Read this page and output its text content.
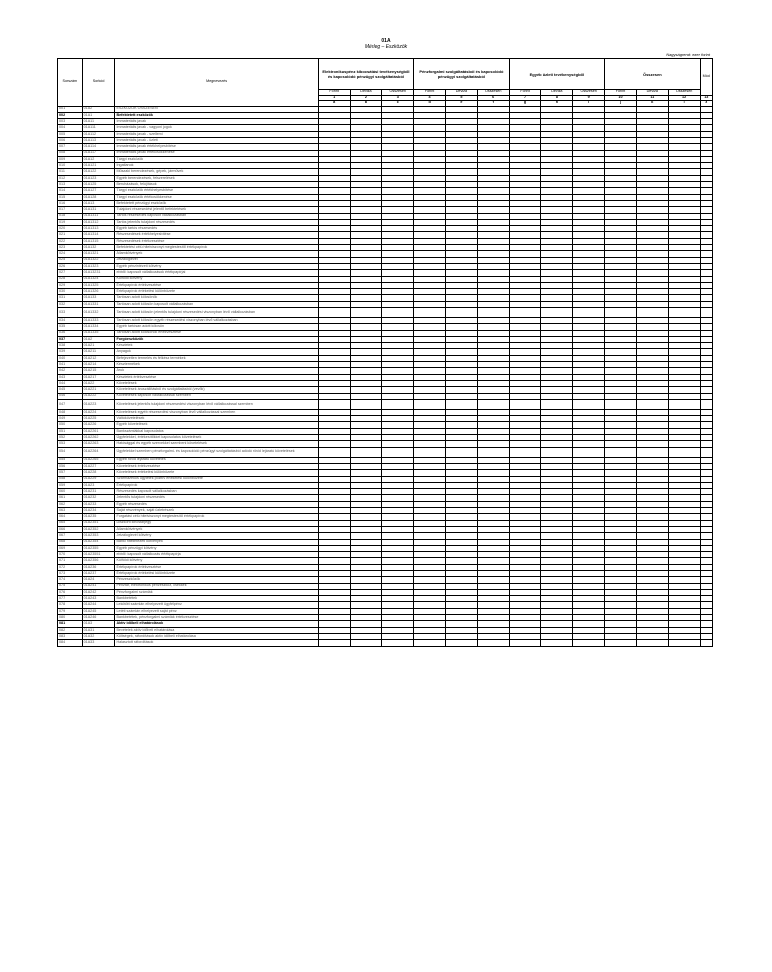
01A
Mérleg – Eszközök
Nagyságrend: ezer forint
Sorszám	Sorkód	Megnevezés	Elektronikuspénz kibocsátási tevékenységből és kapcsolódó pénzügyi szolgáltatásból			Pénzforgalmi szolgáltatásból és kapcsolódó pénzügyi szolgáltatásból			Egyéb üzleti tevékenységből			Összesen			Mód
			Forint	Deviza	Összesen	Forint	Deviza	Összesen	Forint	Deviza	Összesen	Forint	Deviza	Összesen	
			1	2	3	4	5	6	7	8	9	10	11	12	13
			a	b	c	d	e	f	g	h	i	j	k	l	z
001	01A2	ESZKÖZÖK ÖSSZESEN													
002	01A1	Befektetett eszközök													
003	01A11	Immateriális javak													
004	01A111	Immateriális javak - vagyoni jogok													
005	01A112	Immateriális javak - szellemi													
006	01A113	Immateriális javak - üzleti													
007	01A114	Immateriális javak értékhelyesbítése													
008	01A117	Immateriális javak értékcsökkenése													
009	01A12	Tárgyi eszközök													
010	01A121	Ingatlanok													
011	01A122	Műszaki berendezések, gépek, járművek													
012	01A123	Egyéb berendezések, felszerelések													
013	01A125	Beruházások, felújítások													
014	01A127	Tárgyi eszközök értékhelyesbítése													
015	01A128	Tárgyi eszközök értékcsökkenése													
016	01A13	Befektetett pénzügyi eszközök													
017	01A131	Tulajdoni részesedést jelentő befektetések													
018	01A1311	Tartós részesedés kapcsolt vállalkozásban													
019	01A1312	Tartós jelentős tulajdoni részesedés													
020	01A1313	Egyéb tartós részesedés													
021	01A1314	Részesedések értékhelyesbítése													
022	01A1315	Részesedések értékvesztése													
023	01A132	Befektetési célú hitelviszonyt megtestesítő értékpapírok													
024	01A1321	Államkötvények													
025	01A1322	Jelzáloglevél													
026	01A1323	Egyéb pénzintézeti kötvény													
027	01A13231	ebből: kapcsolt vállalkozások értékpapírjai													
028	01A1324	Külföldi kötvény													
029	01A1325	Értékpapírok értékvesztése													
030	01A1326	Értékpapírok értékelési különbözete													
031	01A133	Tartósan adott kölcsönök													
032	01A1331	Tartósan adott kölcsön kapcsolt vállalkozásban													
033	01A1332	Tartósan adott kölcsön jelentős tulajdoni részesedési viszonyban lévő vállalkozásban													
034	01A1333	Tartósan adott kölcsön egyéb részesedési viszonyban lévő vállalkozásban													
035	01A1334	Egyéb tartósan adott kölcsön													
036	01A1335	Tartósan adott kölcsönök értékvesztése													
037	01A2	Forgóeszközök													
038	01A21	Készletek													
039	01A211	Anyagok													
040	01A212	Befejezetlen termelés és félkész termékek													
041	01A214	Késztermékek													
042	01A215	Áruk													
043	01A217	Készletek értékvesztése													
044	01A22	Követelések													
045	01A221	Követelések áruszállításból és szolgáltatásból (vevők)													
046	01A222	Követelések kapcsolt vállalkozással szemben													
047	01A223	Követelések jelentős tulajdoni részesedési viszonyban lévő vállalkozással szemben													
048	01A224	Követelések egyéb részesedési viszonyban lévő vállalkozással szemben													
049	01A225	Váltókövetelések													
050	01A226	Egyéb követelések													
051	01A2261	Bankszámlákkal kapcsolatos													
052	01A2262	Ügyfelekkel, értékesítőkkel kapcsolatos követelések													
053	01A2263	Hatósággal és egyéb szervekkel szembeni követelések													
054	01A2264	Ügyfelekkel szemben pénzforgalmi- és kapcsolódó pénzügyi szolgáltatásból adódó rövid lejáratú követelések													
055	01A2265	Egyéb rövid lejáratú követelés													
056	01A227	Követelések értékvesztése													
057	01A228	Követelések értékelési különbözete													
058	01A229	Származékos ügyletek pozitív értékelési különbözete													
059	01A23	Értékpapírok													
060	01A231	Részesedés kapcsolt vállalkozásban													
061	01A232	Jelentős tulajdoni részesedés													
062	01A233	Egyéb részesedés													
063	01A234	Saját részvények, saját üzletrészek													
064	01A235	Forgatási célú hitelviszonyt megtestesítő értékpapírok													
065	01A2351	Diszkont kincstárjegy													
066	01A2352	Államkötvények													
067	01A2353	Jelzáloglevél kötvény													
068	01A2354	Banki hitelintézeti kötvények													
069	01A2355	Egyéb pénzügyi kötvény													
070	01A23551	ebből: kapcsolt vállalkozás értékpapírja													
071	01A2356	Külföldi kötvény													
072	01A236	Értékpapírok értékvesztése													
073	01A237	Értékpapírok értékelési különbözete													
074	01A24	Pénzeszközök													
075	01A241	Pénztár, elektronikus pénzeszköz, csekkek													
076	01A242	Pénzforgalmi számlák													
077	01A243	Bankbetétek													
078	01A244	Lekötött számlán elhelyezett ügyfélpénz													
079	01A245	Letéti számlán elhelyezett saját pénz													
080	01A246	Bankbetétek, pénzforgalmi számlák értékvesztése													
081	01A3	Aktív időbeli elhatárolások													
082	01A31	Bevételek aktív időbeli elhatárolása													
083	01A32	Költségek, ráfordítások aktív időbeli elhatárolása													
084	01A33	Halasztott ráfordítások													
